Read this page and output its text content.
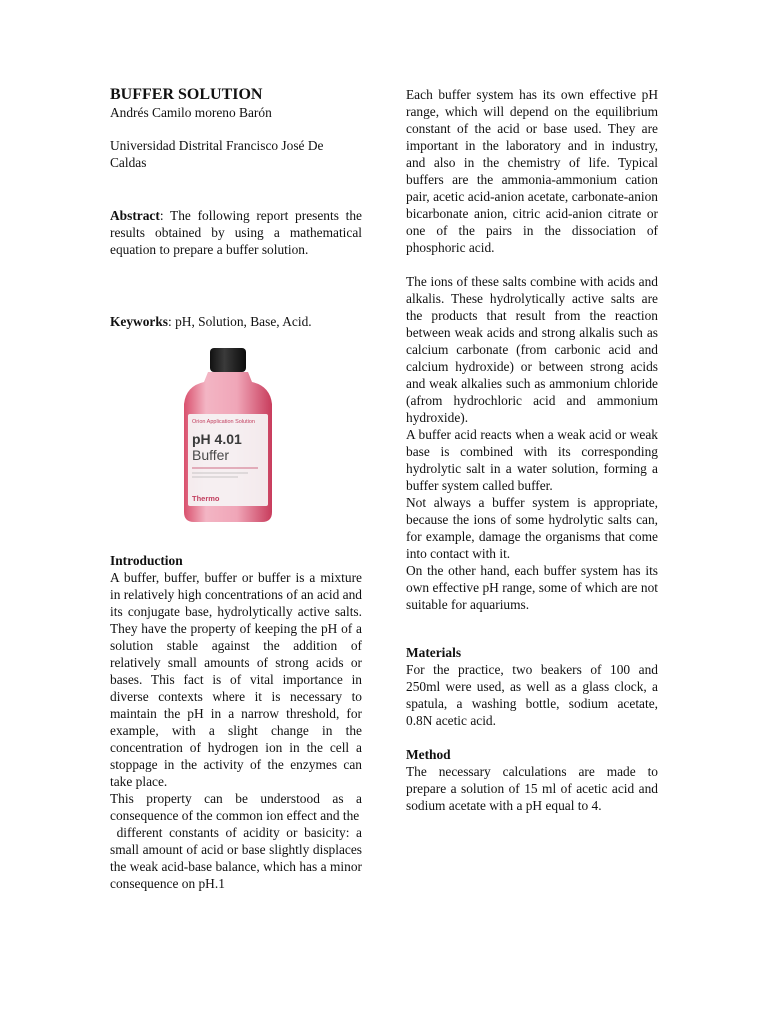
BUFFER SOLUTION

Andrés Camilo moreno Barón

Universidad Distrital Francisco José De Caldas

Abstract: The following report presents the results obtained by using a mathematical equation to prepare a buffer solution.

Keyworks: pH, Solution, Base, Acid.

Orion Application Solution
pH 4.01
Buffer
Thermo

Introduction

A buffer, buffer, buffer or buffer is a mixture in relatively high concentrations of an acid and its conjugate base, hydrolytically active salts. They have the property of keeping the pH of a solution stable against the addition of relatively small amounts of strong acids or bases. This fact is of vital importance in diverse contexts where it is necessary to maintain the pH in a narrow threshold, for example, with a slight change in the concentration of hydrogen ion in the cell a stoppage in the activity of the enzymes can take place.

This property can be understood as a consequence of the common ion effect and the

different constants of acidity or basicity: a small amount of acid or base slightly displaces the weak acid-base balance, which has a minor consequence on pH.1

Each buffer system has its own effective pH range, which will depend on the equilibrium constant of the acid or base used. They are important in the laboratory and in industry, and also in the chemistry of life. Typical buffers are the ammonia-ammonium cation pair, acetic acid-anion acetate, carbonate-anion bicarbonate anion, citric acid-anion citrate or one of the pairs in the dissociation of phosphoric acid.

The ions of these salts combine with acids and alkalis. These hydrolytically active salts are the products that result from the reaction between weak acids and strong alkalis such as calcium carbonate (from carbonic acid and calcium hydroxide) or between strong acids and weak alkalies such as ammonium chloride (afrom hydrochloric acid and ammonium hydroxide).

A buffer acid reacts when a weak acid or weak base is combined with its corresponding hydrolytic salt in a water solution, forming a buffer system called buffer.

Not always a buffer system is appropriate, because the ions of some hydrolytic salts can, for example, damage the organisms that come into contact with it.

On the other hand, each buffer system has its own effective pH range, some of which are not suitable for aquariums.

Materials

For the practice, two beakers of 100 and 250ml were used, as well as a glass clock, a spatula, a washing bottle, sodium acetate, 0.8N acetic acid.

Method

The necessary calculations are made to prepare a solution of 15 ml of acetic acid and sodium acetate with a pH equal to 4.
